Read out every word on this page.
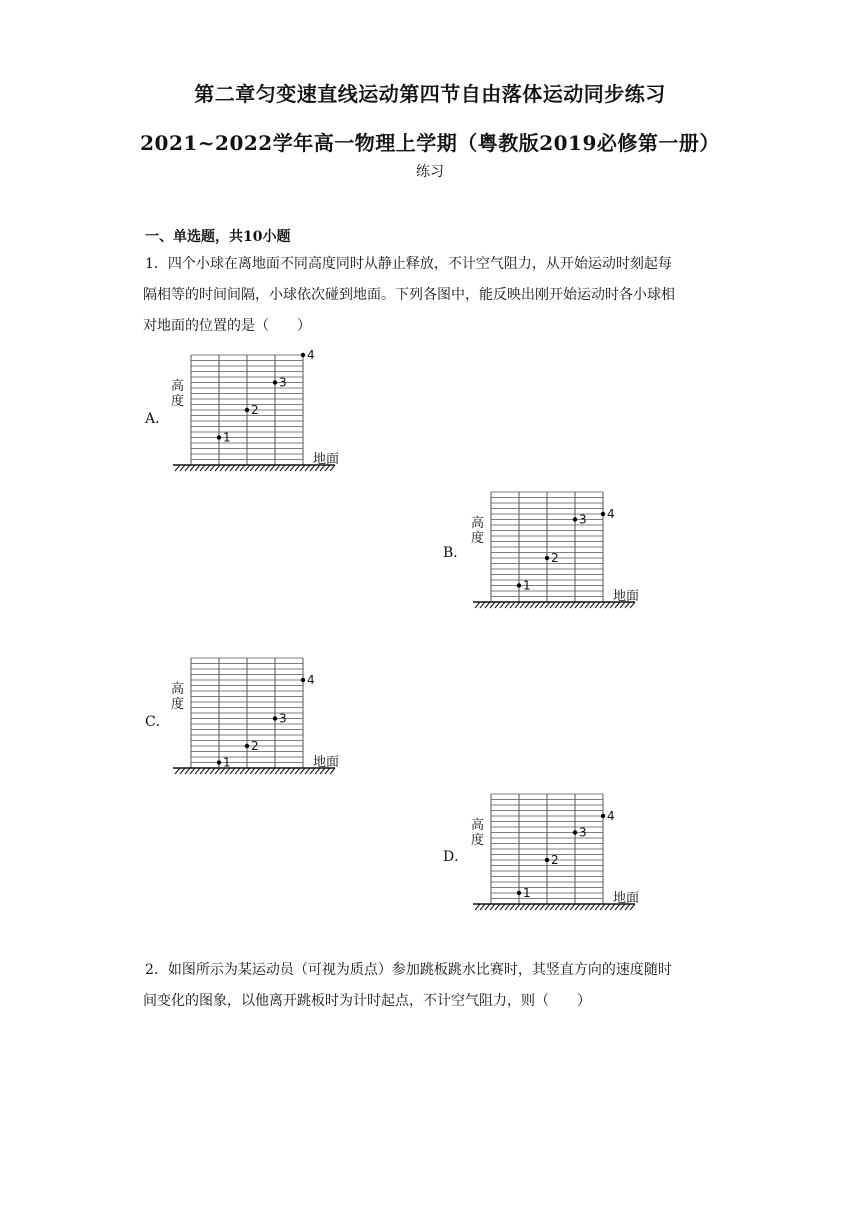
第二章匀变速直线运动第四节自由落体运动同步练习
2021~2022学年高一物理上学期（粤教版2019必修第一册）
练习
一、单选题，共10小题
1．四个小球在离地面不同高度同时从静止释放，不计空气阻力，从开始运动时刻起每
隔相等的时间间隔，小球依次碰到地面。下列各图中，能反映出刚开始运动时各小球相
对地面的位置的是（　　）
A．
B．
C．
D．
高
度
地面
1
2
3
4
高
度
地面
1
2
3 4
高
度
地面
1
2
3
4
高
度
地面
1
2
3
4
2．如图所示为某运动员（可视为质点）参加跳板跳水比赛时，其竖直方向的速度随时
间变化的图象，以他离开跳板时为计时起点，不计空气阻力，则（　　）
